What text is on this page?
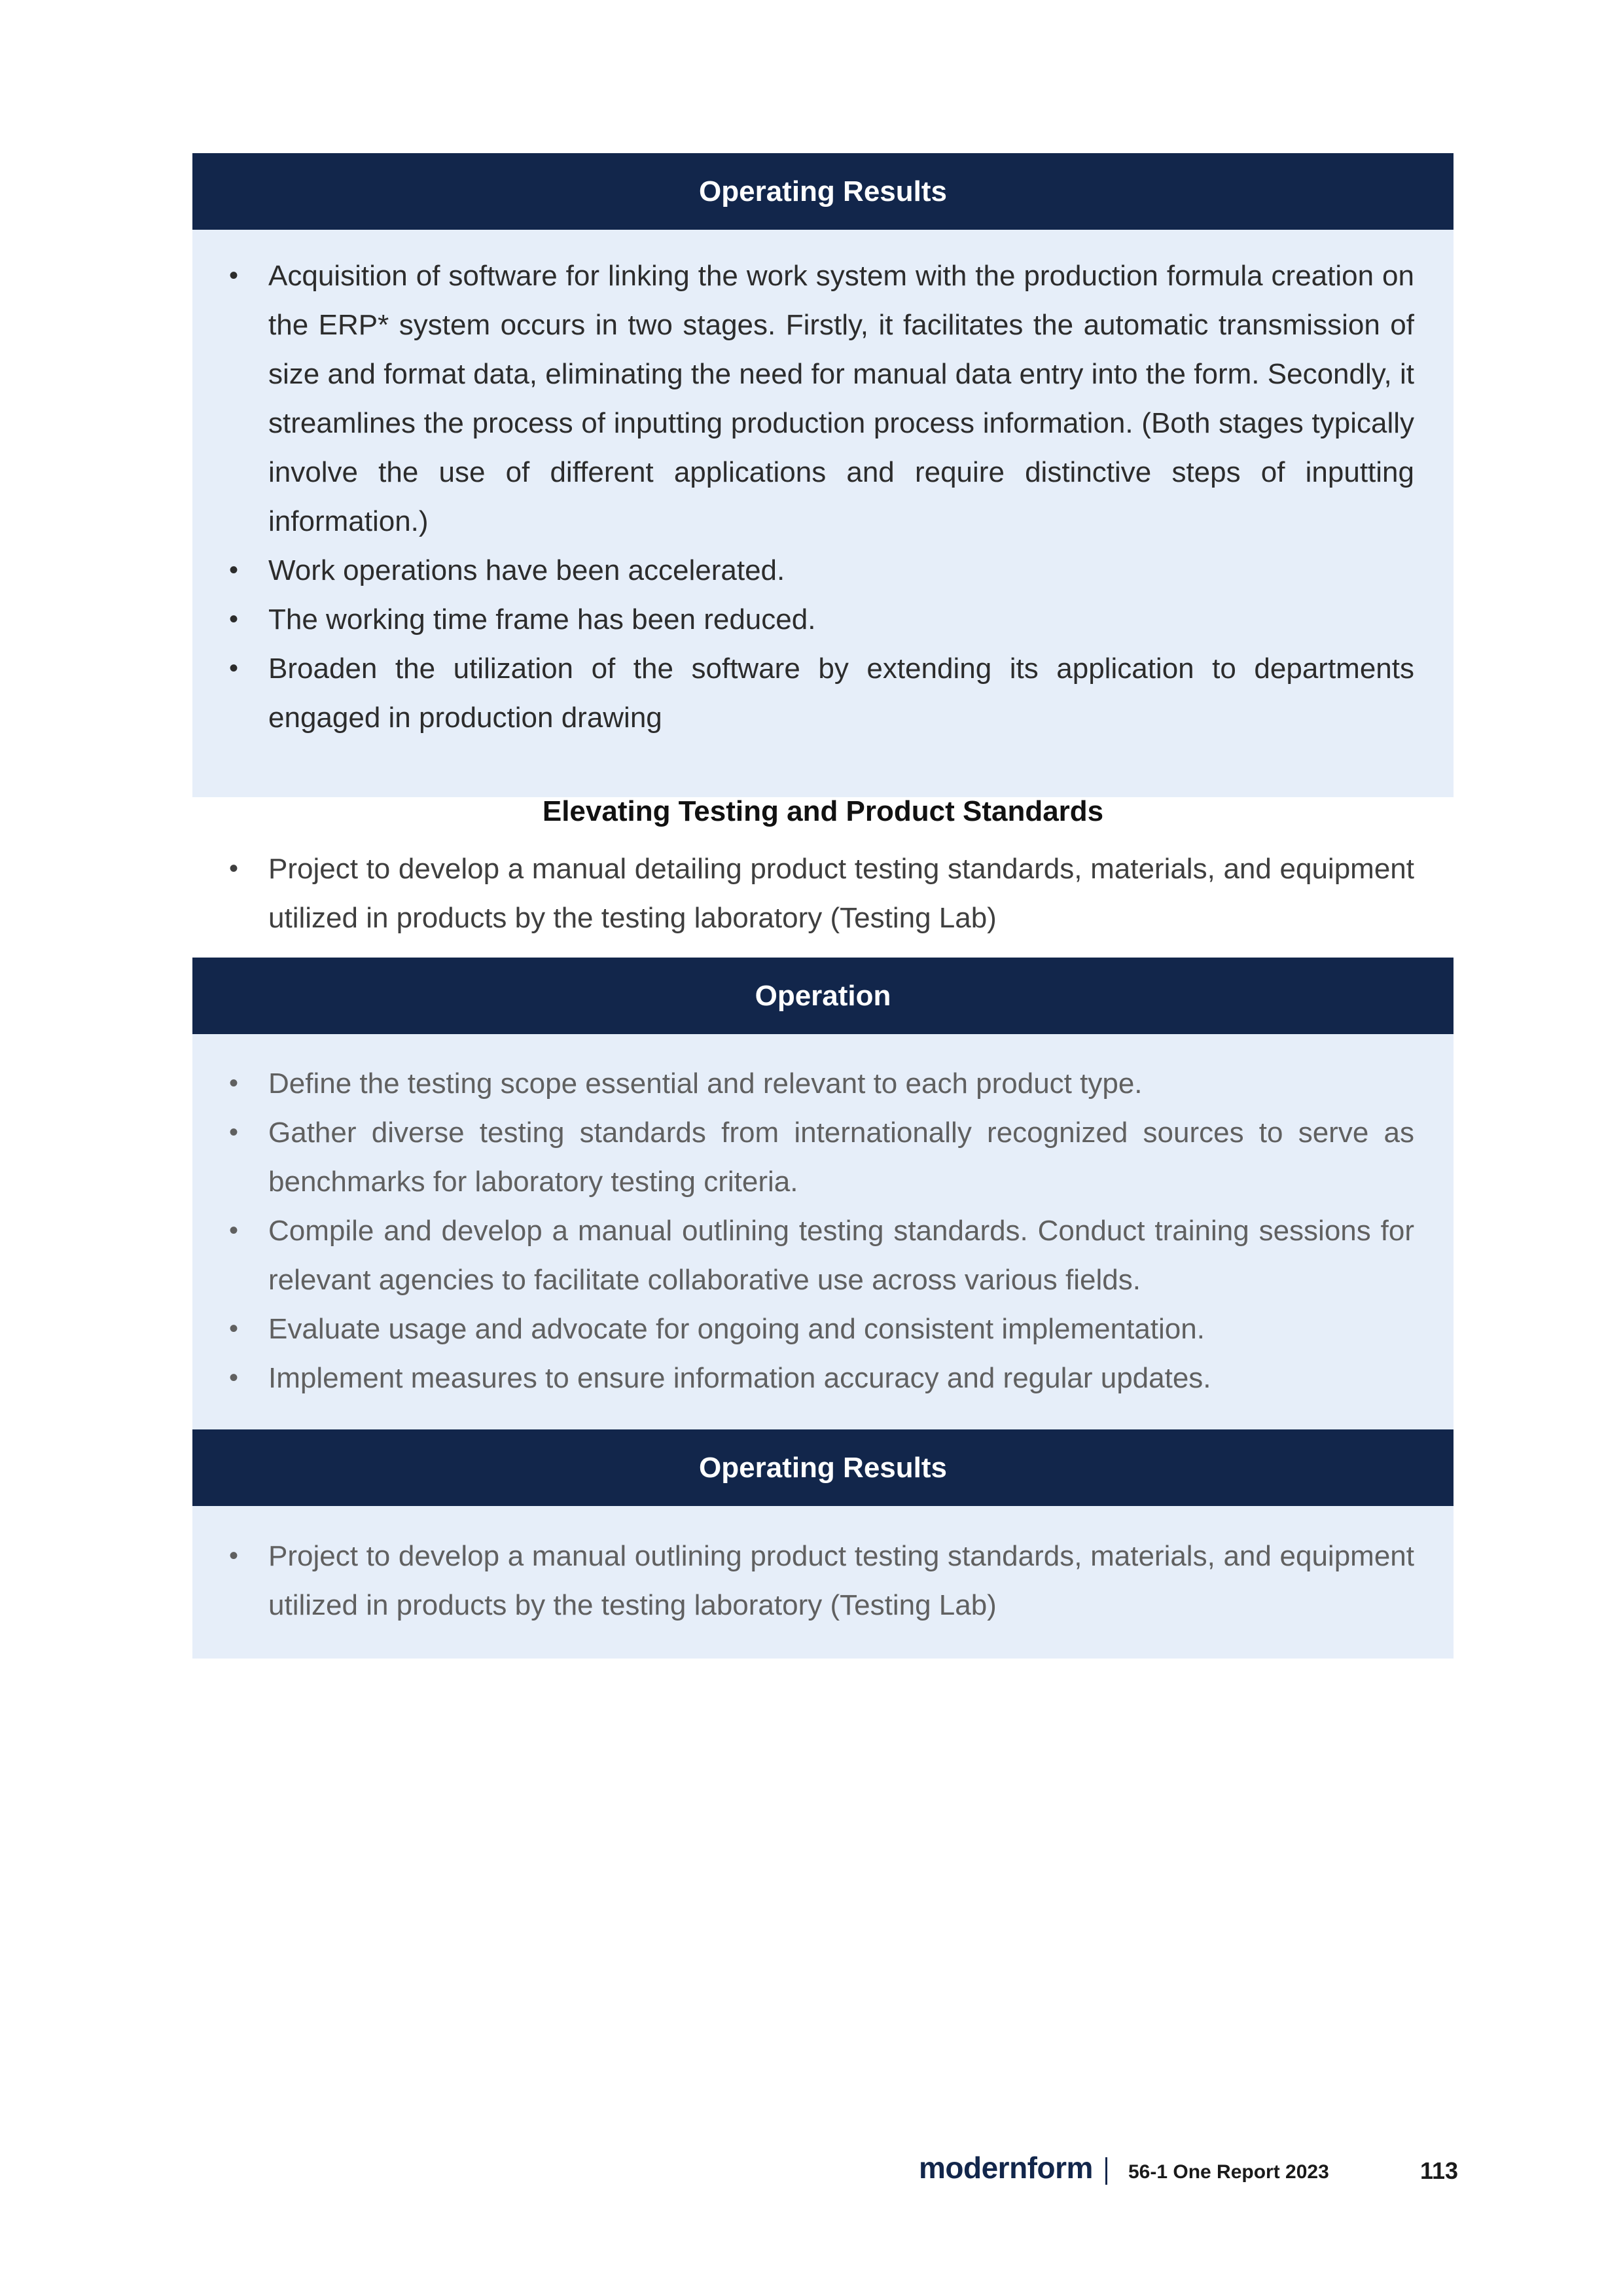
Operating Results
• Acquisition of software for linking the work system with the production formula creation on the ERP* system occurs in two stages. Firstly, it facilitates the automatic transmission of size and format data, eliminating the need for manual data entry into the form. Secondly, it streamlines the process of inputting production process information. (Both stages typically involve the use of different applications and require distinctive steps of inputting information.)
• Work operations have been accelerated.
• The working time frame has been reduced.
• Broaden the utilization of the software by extending its application to departments engaged in production drawing
Elevating Testing and Product Standards
• Project to develop a manual detailing product testing standards, materials, and equipment utilized in products by the testing laboratory (Testing Lab)
Operation
• Define the testing scope essential and relevant to each product type.
• Gather diverse testing standards from internationally recognized sources to serve as benchmarks for laboratory testing criteria.
• Compile and develop a manual outlining testing standards. Conduct training sessions for relevant agencies to facilitate collaborative use across various fields.
• Evaluate usage and advocate for ongoing and consistent implementation.
• Implement measures to ensure information accuracy and regular updates.
Operating Results
• Project to develop a manual outlining product testing standards, materials, and equipment utilized in products by the testing laboratory (Testing Lab)
modernform 56-1 One Report 2023	113
